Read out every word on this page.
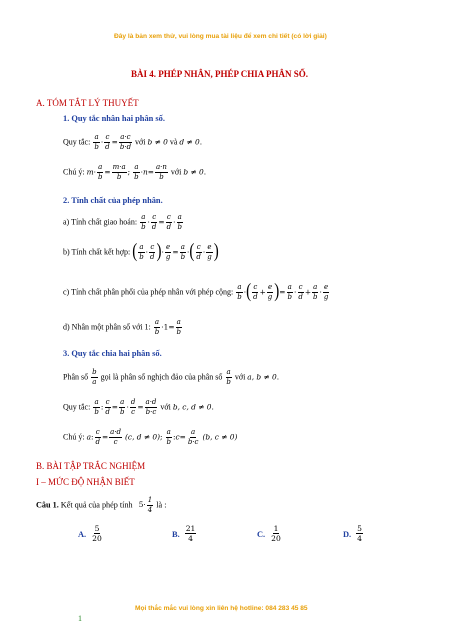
Đây là bản xem thử, vui lòng mua tài liệu để xem chi tiết (có lời giải)
BÀI 4. PHÉP NHÂN, PHÉP CHIA PHÂN SỐ.
A. TÓM TẮT LÝ THUYẾT
1. Quy tắc nhân hai phân số.
Quy tắc: $\frac{a}{b} \cdot \frac{c}{d} = \frac{a\cdot c}{b\cdot d}$ với b ≠ 0 và d ≠ 0.
Chú ý: $m\cdot \frac{a}{b} = \frac{m\cdot a}{b}$ ; $\frac{a}{b} \cdot n= \frac{a\cdot n}{b}$ với b ≠ 0.
2. Tính chất của phép nhân.
a) Tính chất giao hoán: $\frac{a}{b} \cdot \frac{c}{d} = \frac{c}{d} \cdot \frac{a}{b}$
b) Tính chất kết hợp: ( $\frac{a}{b} \cdot \frac{c}{d}$ )· $\frac{e}{g} = \frac{a}{b}$ ·( $\frac{c}{d} \cdot \frac{e}{g}$ )
c) Tính chất phân phối của phép nhân với phép cộng: $\frac{a}{b}$ ·( $\frac{c}{d} + \frac{e}{g}$ )= $\frac{a}{b} \cdot \frac{c}{d} + \frac{a}{b} \cdot \frac{e}{g}$
d) Nhân một phân số với 1: $\frac{a}{b} \cdot 1= \frac{a}{b}$
3. Quy tắc chia hai phân số.
Phân số $\frac{b}{a}$ gọi là phân số nghịch đảo của phân số $\frac{a}{b}$ với a, b ≠ 0.
Quy tắc: $\frac{a}{b}$ : $\frac{c}{d} = \frac{a}{b} \cdot \frac{d}{c} = \frac{a\cdot d}{b\cdot c}$ với b, c, d ≠ 0.
Chú ý: a: $\frac{c}{d} = \frac{a\cdot d}{c} (c$, d ≠ 0); $\frac{a}{b}$ :c= $\frac{a}{b\cdot c} (b$, c ≠ 0)
B. BÀI TẬP TRẮC NGHIỆM
I – MỨC ĐỘ NHẬN BIẾT
Câu 1. Kết quả của phép tính $5\cdot \frac{1}{4}$ là :
A. $\frac{5}{20}$	B. $\frac{21}{4}$	C. $\frac{1}{20}$	D. $\frac{5}{4}$
Mọi thắc mắc vui lòng xin liên hệ hotline: 084 283 45 85
1
